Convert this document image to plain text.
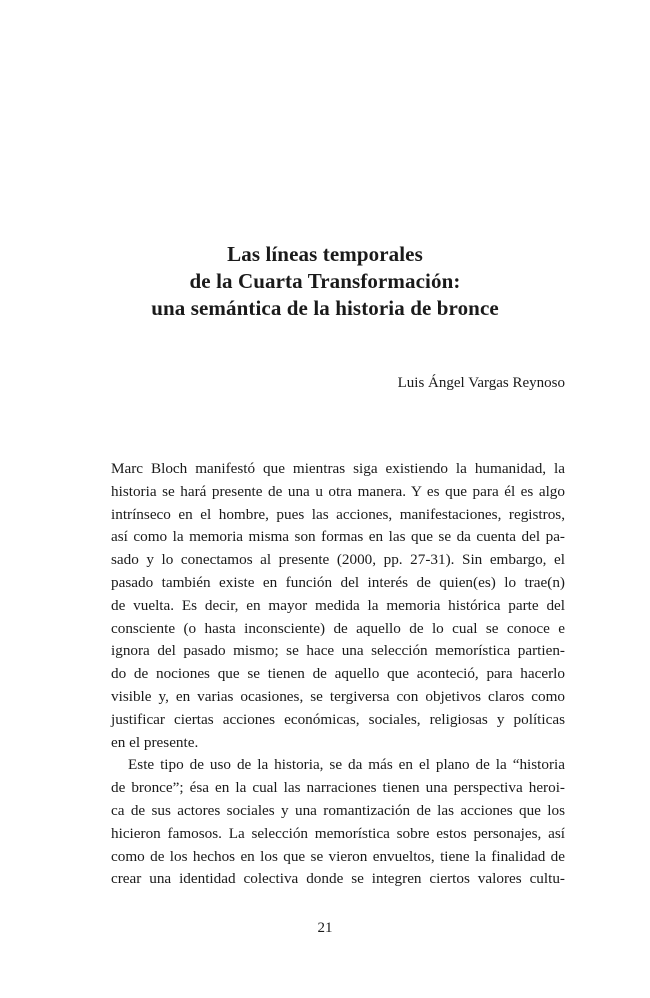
Las líneas temporales
de la Cuarta Transformación:
una semántica de la historia de bronce
Luis Ángel Vargas Reynoso
Marc Bloch manifestó que mientras siga existiendo la humanidad, la
historia se hará presente de una u otra manera. Y es que para él es algo
intrínseco en el hombre, pues las acciones, manifestaciones, registros,
así como la memoria misma son formas en las que se da cuenta del pa-
sado y lo conectamos al presente (2000, pp. 27-31). Sin embargo, el
pasado también existe en función del interés de quien(es) lo trae(n)
de vuelta. Es decir, en mayor medida la memoria histórica parte del
consciente (o hasta inconsciente) de aquello de lo cual se conoce e
ignora del pasado mismo; se hace una selección memorística partien-
do de nociones que se tienen de aquello que aconteció, para hacerlo
visible y, en varias ocasiones, se tergiversa con objetivos claros como
justificar ciertas acciones económicas, sociales, religiosas y políticas
en el presente.
Este tipo de uso de la historia, se da más en el plano de la “historia
de bronce”; ésa en la cual las narraciones tienen una perspectiva heroi-
ca de sus actores sociales y una romantización de las acciones que los
hicieron famosos. La selección memorística sobre estos personajes, así
como de los hechos en los que se vieron envueltos, tiene la finalidad de
crear una identidad colectiva donde se integren ciertos valores cultu-
21
